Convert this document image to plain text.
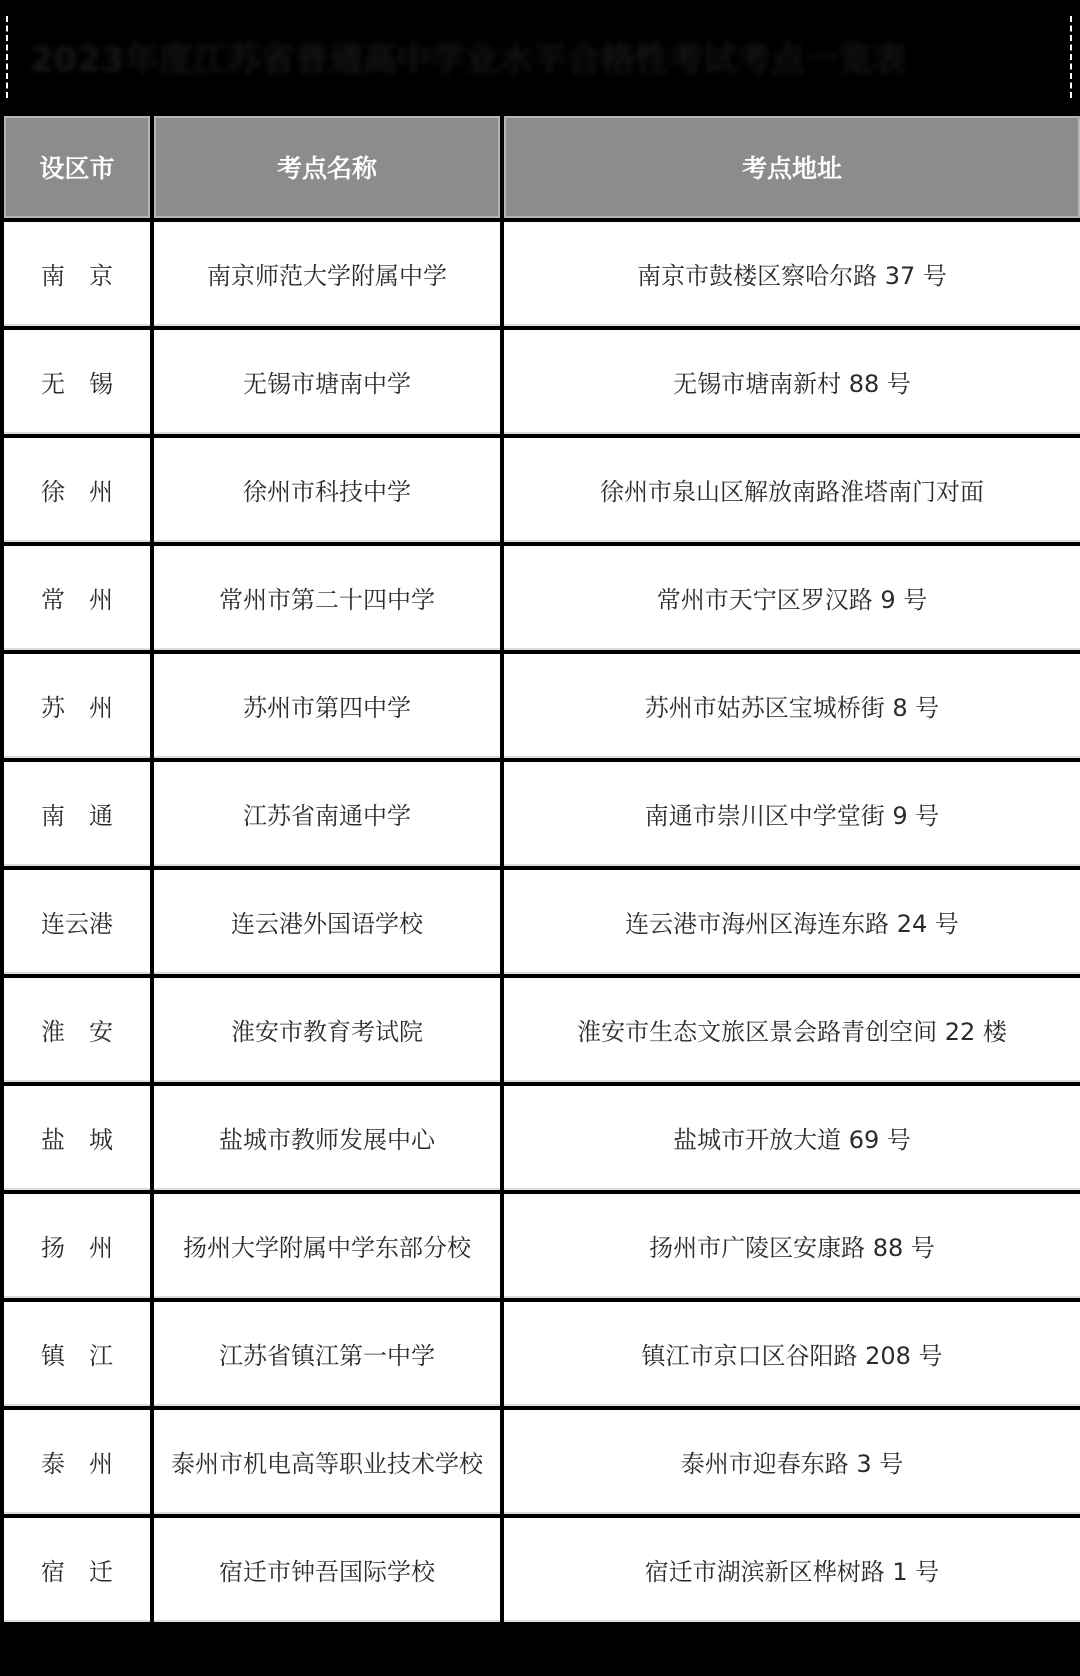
2023年度江苏省普通高中学业水平合格性考试考点一览表
设区市	考点名称	考点地址
南　京	南京师范大学附属中学	南京市鼓楼区察哈尔路 37 号
无　锡	无锡市塘南中学	无锡市塘南新村 88 号
徐　州	徐州市科技中学	徐州市泉山区解放南路淮塔南门对面
常　州	常州市第二十四中学	常州市天宁区罗汉路 9 号
苏　州	苏州市第四中学	苏州市姑苏区宝城桥街 8 号
南　通	江苏省南通中学	南通市崇川区中学堂街 9 号
连云港	连云港外国语学校	连云港市海州区海连东路 24 号
淮　安	淮安市教育考试院	淮安市生态文旅区景会路青创空间 22 楼
盐　城	盐城市教师发展中心	盐城市开放大道 69 号
扬　州	扬州大学附属中学东部分校	扬州市广陵区安康路 88 号
镇　江	江苏省镇江第一中学	镇江市京口区谷阳路 208 号
泰　州	泰州市机电高等职业技术学校	泰州市迎春东路 3 号
宿　迁	宿迁市钟吾国际学校	宿迁市湖滨新区桦树路 1 号
